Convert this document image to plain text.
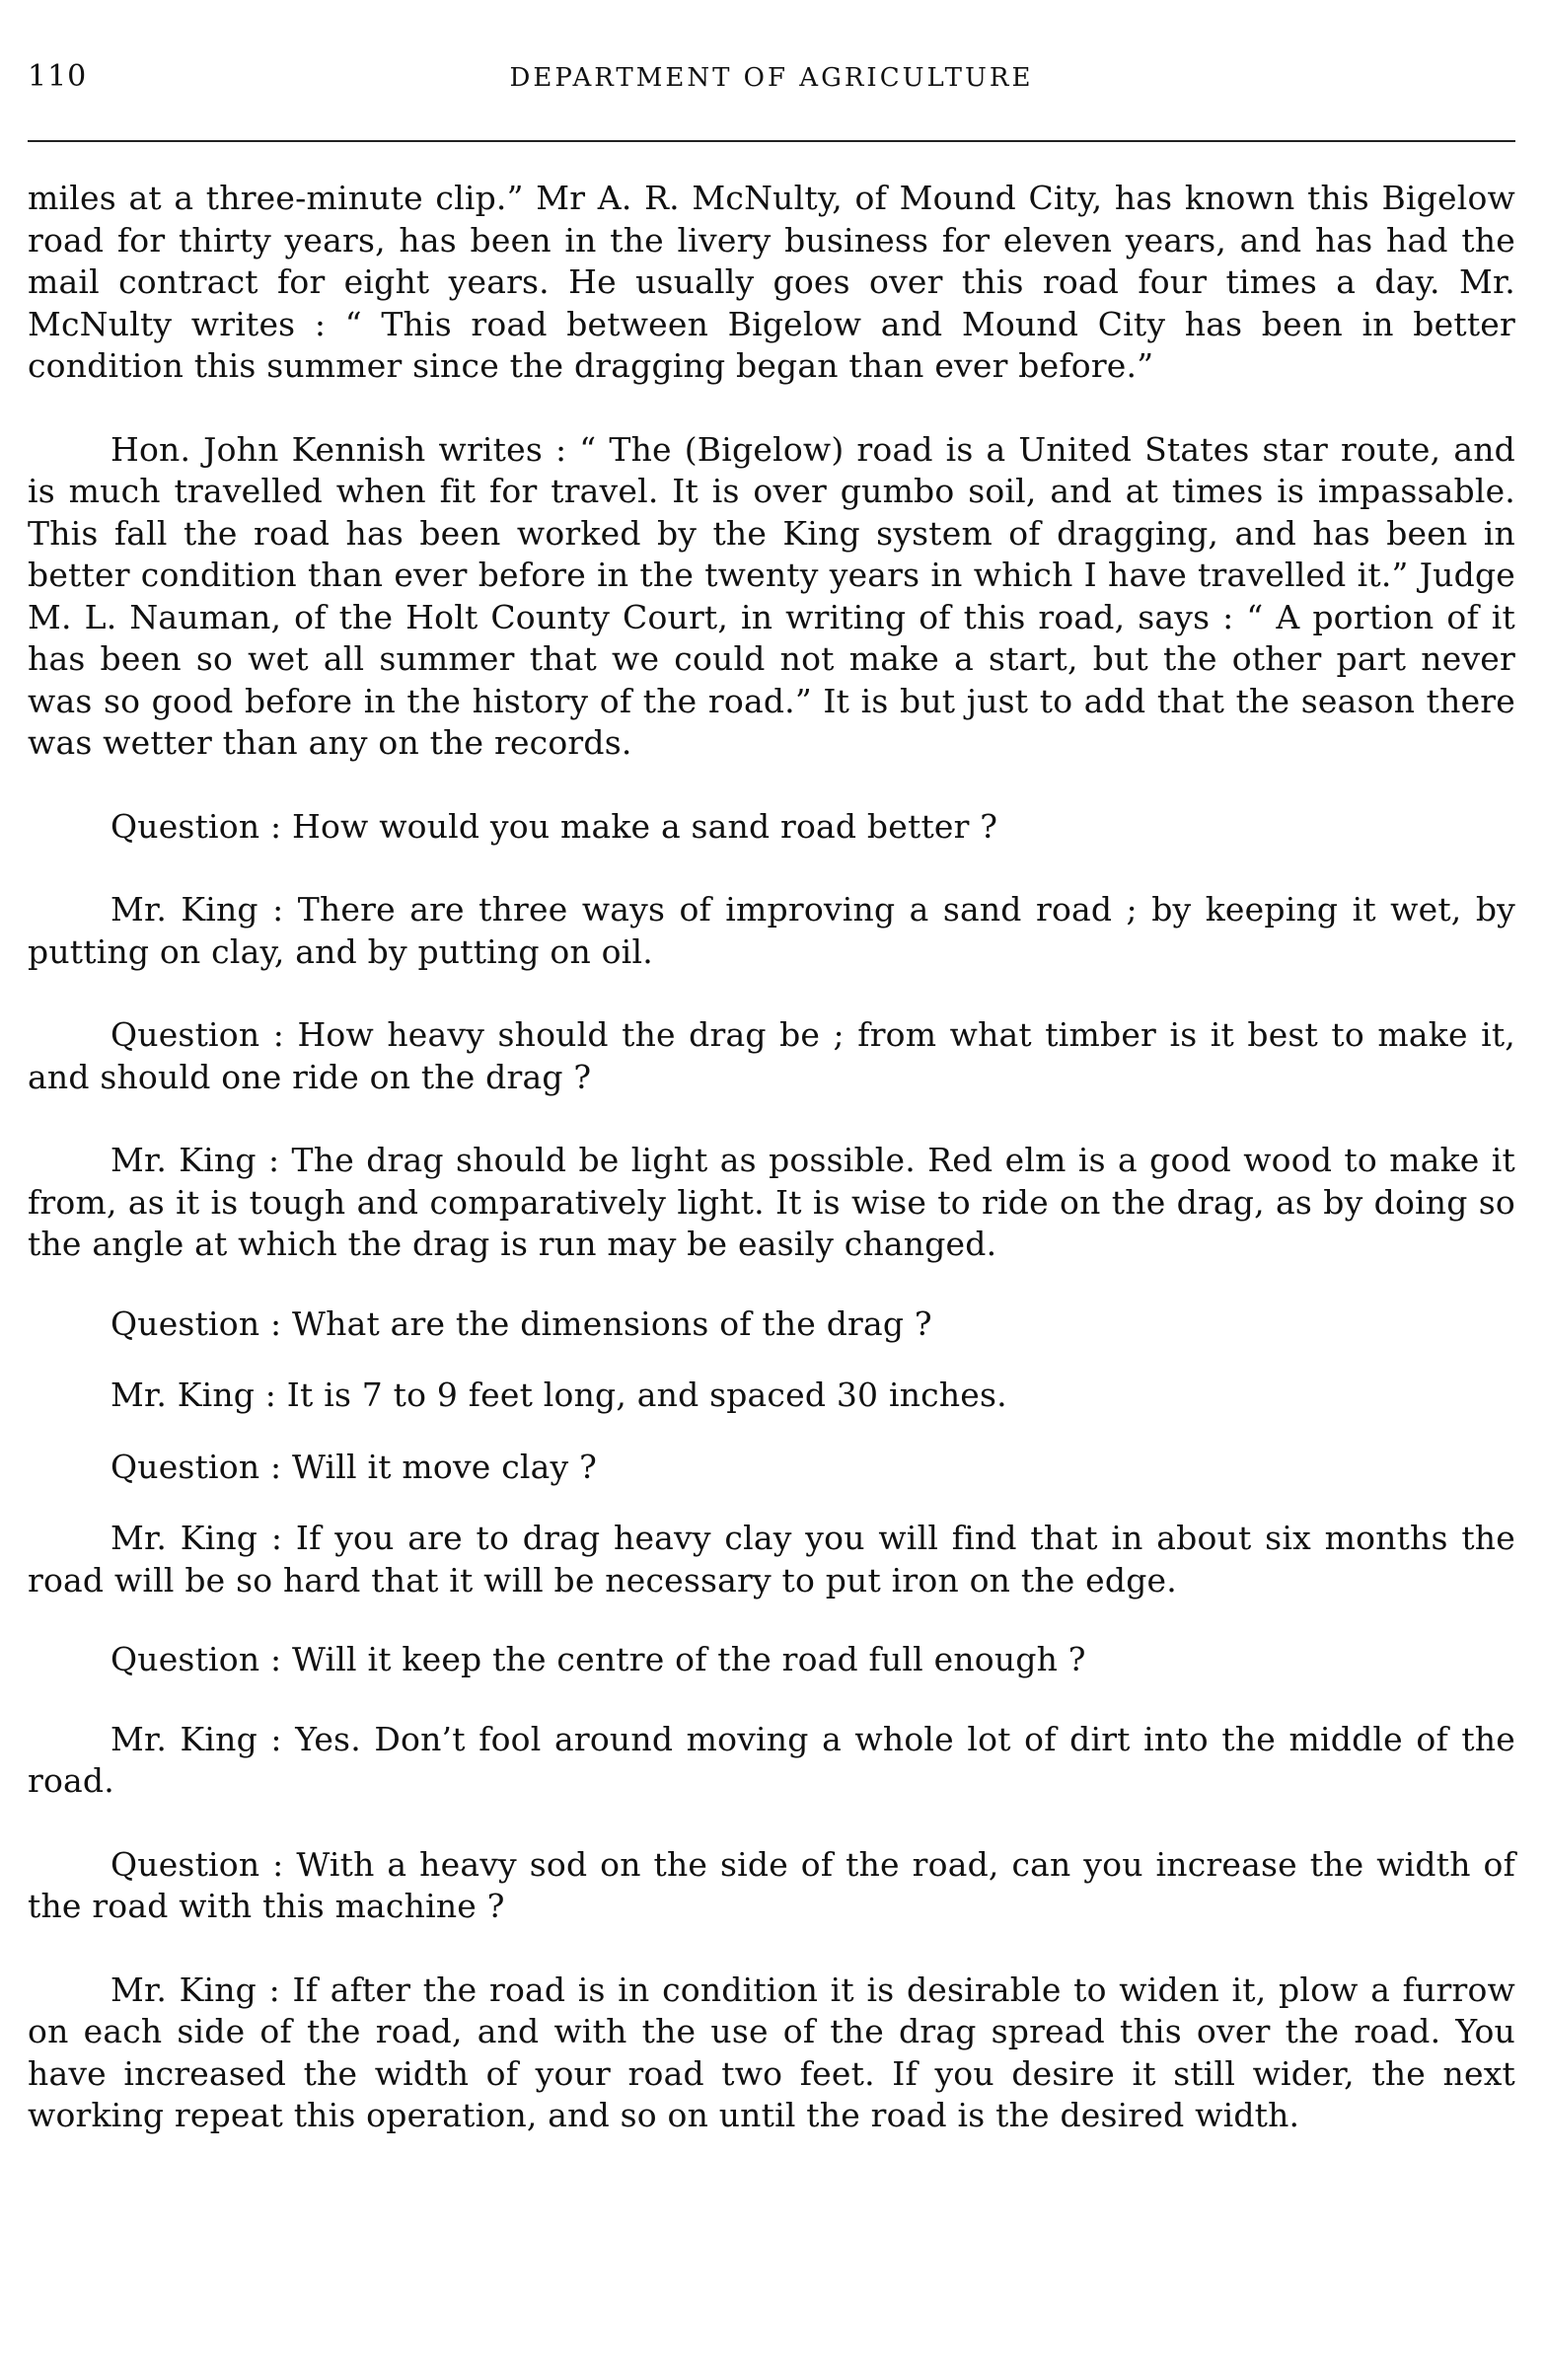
110	DEPARTMENT OF AGRICULTURE

miles at a three-minute clip.” Mr A. R. McNulty, of Mound City, has known this Bigelow road for thirty years, has been in the livery business for eleven years, and has had the mail contract for eight years. He usually goes over this road four times a day. Mr. McNulty writes : “ This road between Bigelow and Mound City has been in better condition this summer since the dragging began than ever before.”

Hon. John Kennish writes : “ The (Bigelow) road is a United States star route, and is much travelled when fit for travel. It is over gumbo soil, and at times is impassable. This fall the road has been worked by the King system of dragging, and has been in better condition than ever before in the twenty years in which I have travelled it.” Judge M. L. Nauman, of the Holt County Court, in writing of this road, says : “ A portion of it has been so wet all summer that we could not make a start, but the other part never was so good before in the history of the road.” It is but just to add that the season there was wetter than any on the records.

Question : How would you make a sand road better ?

Mr. King : There are three ways of improving a sand road ; by keeping it wet, by putting on clay, and by putting on oil.

Question : How heavy should the drag be ; from what timber is it best to make it, and should one ride on the drag ?

Mr. King : The drag should be light as possible. Red elm is a good wood to make it from, as it is tough and comparatively light. It is wise to ride on the drag, as by doing so the angle at which the drag is run may be easily changed.

Question : What are the dimensions of the drag ?

Mr. King : It is 7 to 9 feet long, and spaced 30 inches.

Question : Will it move clay ?

Mr. King : If you are to drag heavy clay you will find that in about six months the road will be so hard that it will be necessary to put iron on the edge.

Question : Will it keep the centre of the road full enough ?

Mr. King : Yes. Don’t fool around moving a whole lot of dirt into the middle of the road.

Question : With a heavy sod on the side of the road, can you increase the width of the road with this machine ?

Mr. King : If after the road is in condition it is desirable to widen it, plow a furrow on each side of the road, and with the use of the drag spread this over the road. You have increased the width of your road two feet. If you desire it still wider, the next working repeat this operation, and so on until the road is the desired width.
